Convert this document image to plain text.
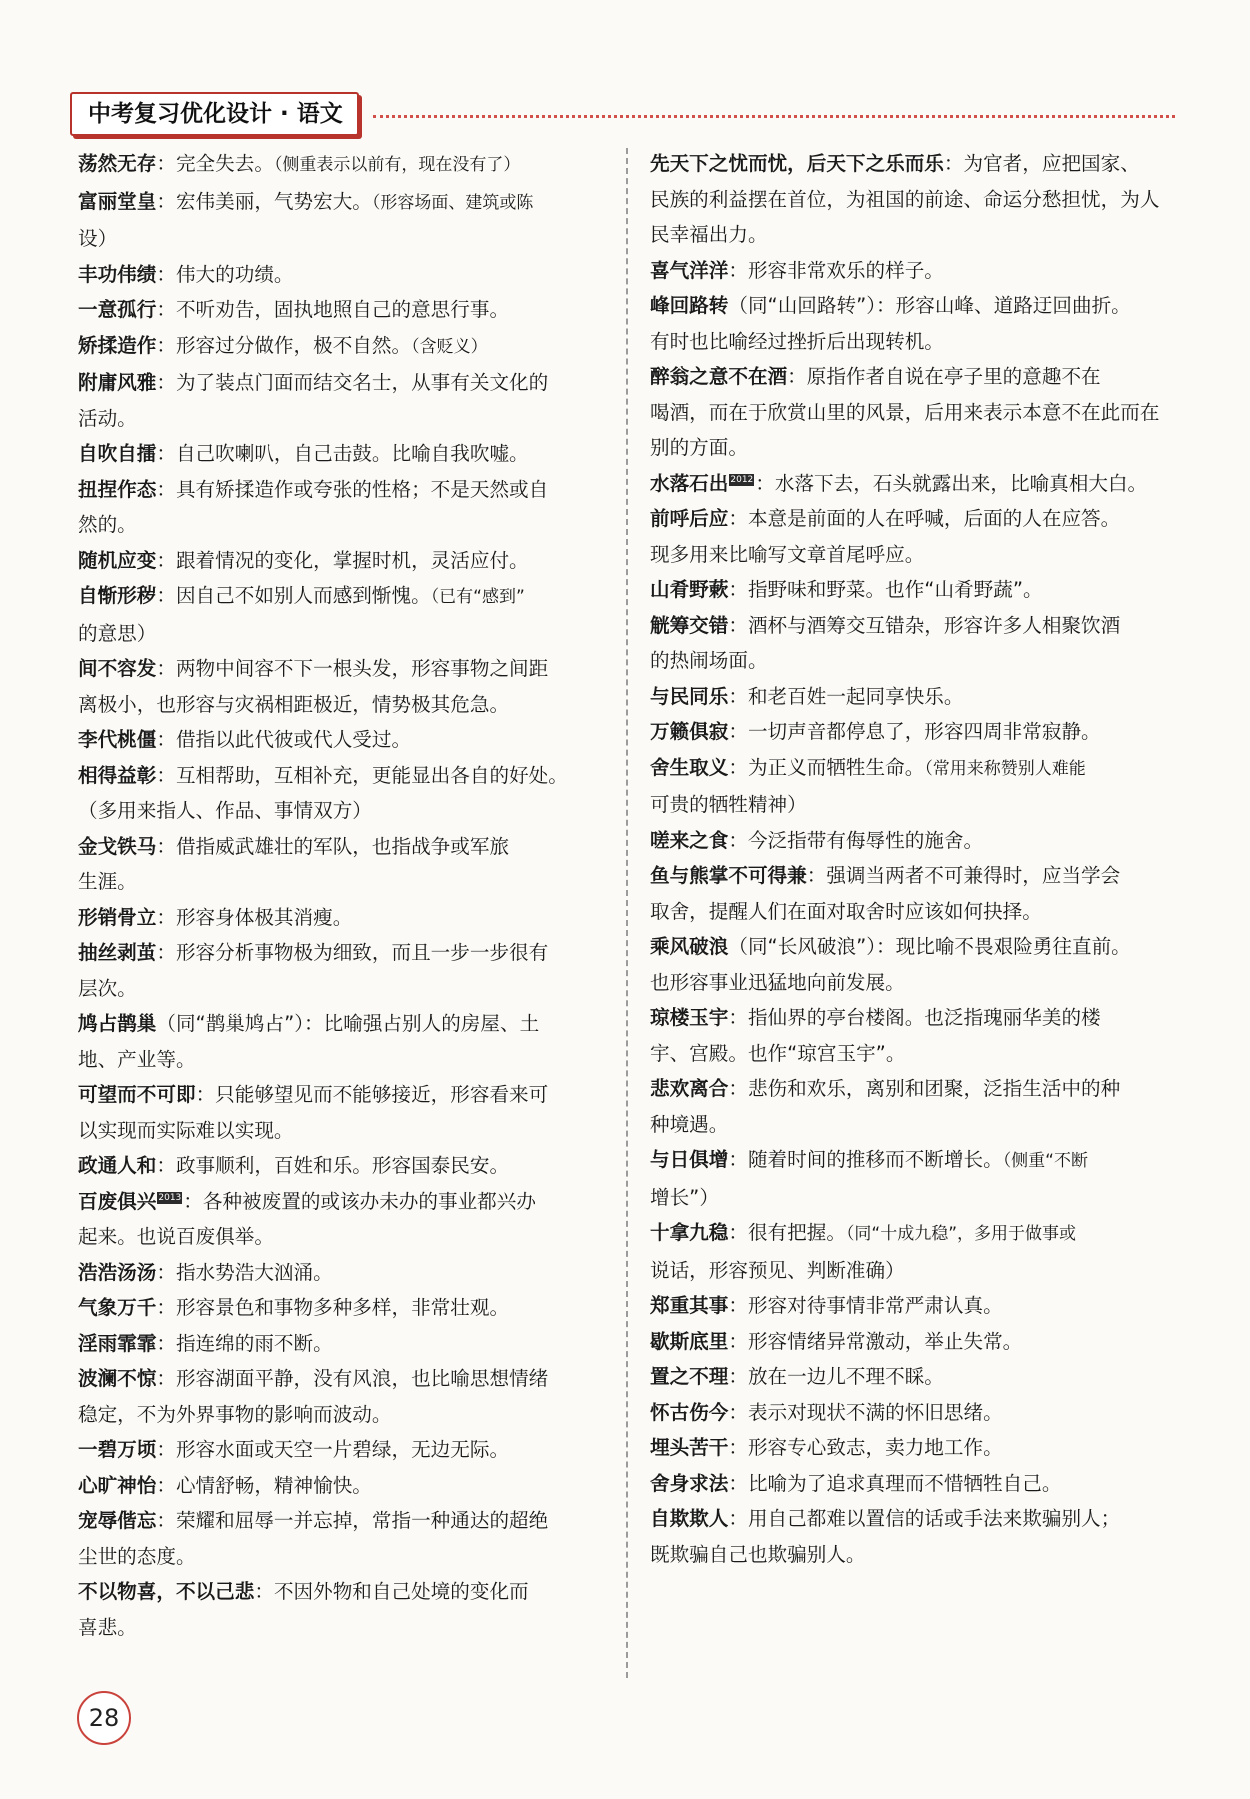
中考复习优化设计 · 语文

荡然无存：完全失去。（侧重表示以前有，现在没有了）

富丽堂皇：宏伟美丽，气势宏大。（形容场面、建筑或陈
设）

丰功伟绩：伟大的功绩。

一意孤行：不听劝告，固执地照自己的意思行事。

矫揉造作：形容过分做作，极不自然。（含贬义）

附庸风雅：为了装点门面而结交名士，从事有关文化的
活动。

自吹自擂：自己吹喇叭，自己击鼓。比喻自我吹嘘。

扭捏作态：具有矫揉造作或夸张的性格；不是天然或自
然的。

随机应变：跟着情况的变化，掌握时机，灵活应付。

自惭形秽：因自己不如别人而感到惭愧。（已有“感到”
的意思）

间不容发：两物中间容不下一根头发，形容事物之间距
离极小，也形容与灾祸相距极近，情势极其危急。

李代桃僵：借指以此代彼或代人受过。

相得益彰：互相帮助，互相补充，更能显出各自的好处。
（多用来指人、作品、事情双方）

金戈铁马：借指威武雄壮的军队，也指战争或军旅
生涯。

形销骨立：形容身体极其消瘦。

抽丝剥茧：形容分析事物极为细致，而且一步一步很有
层次。

鸠占鹊巢（同“鹊巢鸠占”）：比喻强占别人的房屋、土
地、产业等。

可望而不可即：只能够望见而不能够接近，形容看来可
以实现而实际难以实现。

政通人和：政事顺利，百姓和乐。形容国泰民安。

百废俱兴 2013 ：各种被废置的或该办未办的事业都兴办
起来。也说百废俱举。

浩浩汤汤：指水势浩大汹涌。

气象万千：形容景色和事物多种多样，非常壮观。

淫雨霏霏：指连绵的雨不断。

波澜不惊：形容湖面平静，没有风浪，也比喻思想情绪
稳定，不为外界事物的影响而波动。

一碧万顷：形容水面或天空一片碧绿，无边无际。

心旷神怡：心情舒畅，精神愉快。

宠辱偕忘：荣耀和屈辱一并忘掉，常指一种通达的超绝
尘世的态度。

不以物喜，不以己悲：不因外物和自己处境的变化而
喜悲。

先天下之忧而忧，后天下之乐而乐：为官者，应把国家、
民族的利益摆在首位，为祖国的前途、命运分愁担忧，为人民幸福出力。

喜气洋洋：形容非常欢乐的样子。

峰回路转（同“山回路转”）：形容山峰、道路迂回曲折。
有时也比喻经过挫折后出现转机。

醉翁之意不在酒：原指作者自说在亭子里的意趣不在
喝酒，而在于欣赏山里的风景，后用来表示本意不在此而在别的方面。

水落石出 2012 ：水落下去，石头就露出来，比喻真相大白。

前呼后应：本意是前面的人在呼喊，后面的人在应答。
现多用来比喻写文章首尾呼应。

山肴野蔌：指野味和野菜。也作“山肴野蔬”。

觥筹交错：酒杯与酒筹交互错杂，形容许多人相聚饮酒
的热闹场面。

与民同乐：和老百姓一起同享快乐。

万籁俱寂：一切声音都停息了，形容四周非常寂静。

舍生取义：为正义而牺牲生命。（常用来称赞别人难能
可贵的牺牲精神）

嗟来之食：今泛指带有侮辱性的施舍。

鱼与熊掌不可得兼：强调当两者不可兼得时，应当学会
取舍，提醒人们在面对取舍时应该如何抉择。

乘风破浪（同“长风破浪”）：现比喻不畏艰险勇往直前。
也形容事业迅猛地向前发展。

琼楼玉宇：指仙界的亭台楼阁。也泛指瑰丽华美的楼
宇、宫殿。也作“琼宫玉宇”。

悲欢离合：悲伤和欢乐，离别和团聚，泛指生活中的种
种境遇。

与日俱增：随着时间的推移而不断增长。（侧重“不断
增长”）

十拿九稳：很有把握。（同“十成九稳”，多用于做事或
说话，形容预见、判断准确）

郑重其事：形容对待事情非常严肃认真。

歇斯底里：形容情绪异常激动，举止失常。

置之不理：放在一边儿不理不睬。

怀古伤今：表示对现状不满的怀旧思绪。

埋头苦干：形容专心致志，卖力地工作。

舍身求法：比喻为了追求真理而不惜牺牲自己。

自欺欺人：用自己都难以置信的话或手法来欺骗别人；
既欺骗自己也欺骗别人。

28
